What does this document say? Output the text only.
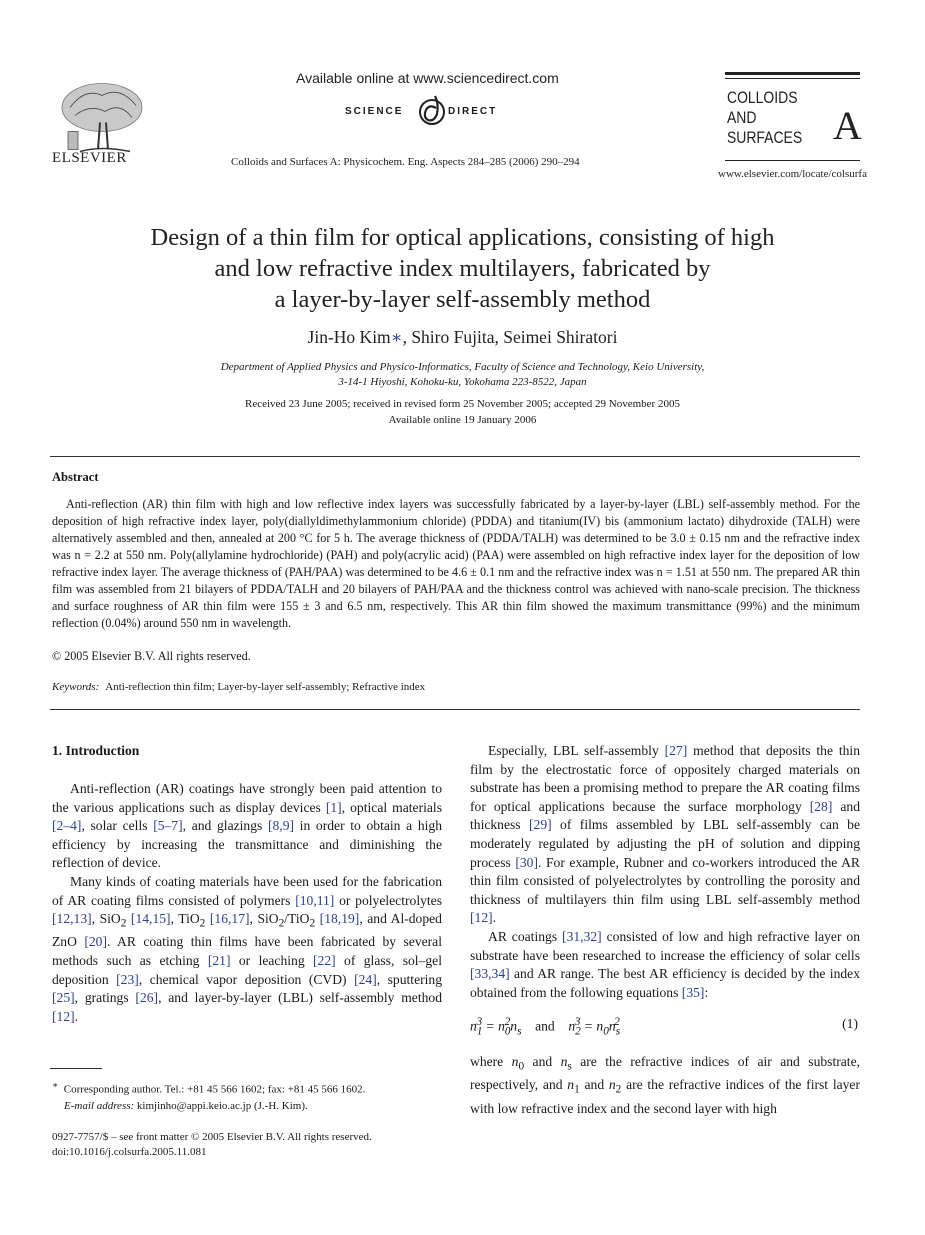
ELSEVIER
Available online at www.sciencedirect.com
SCIENCE	DIRECT
Colloids and Surfaces A: Physicochem. Eng. Aspects 284–285 (2006) 290–294
COLLOIDS
AND
SURFACES A
www.elsevier.com/locate/colsurfa
Design of a thin film for optical applications, consisting of high
and low refractive index multilayers, fabricated by
a layer-by-layer self-assembly method
Jin-Ho Kim∗, Shiro Fujita, Seimei Shiratori
Department of Applied Physics and Physico-Informatics, Faculty of Science and Technology, Keio University,
3-14-1 Hiyoshi, Kohoku-ku, Yokohama 223-8522, Japan
Received 23 June 2005; received in revised form 25 November 2005; accepted 29 November 2005
Available online 19 January 2006
Abstract

Anti-reflection (AR) thin film with high and low reflective index layers was successfully fabricated by a layer-by-layer (LBL) self-assembly method. For the deposition of high refractive index layer, poly(diallyldimethylammonium chloride) (PDDA) and titanium(IV) bis (ammonium lactato) dihydroxide (TALH) were alternatively assembled and then, annealed at 200 °C for 5 h. The average thickness of (PDDA/TALH) was determined to be 3.0 ± 0.15 nm and the refractive index was n = 2.2 at 550 nm. Poly(allylamine hydrochloride) (PAH) and poly(acrylic acid) (PAA) were assembled on high refractive index layer for the deposition of low refractive index layer. The average thickness of (PAH/PAA) was determined to be 4.6 ± 0.1 nm and the refractive index was n = 1.51 at 550 nm. The prepared AR thin film was assembled from 21 bilayers of PDDA/TALH and 20 bilayers of PAH/PAA and the thickness control was achieved with nano-scale precision. The thickness and surface roughness of AR thin film were 155 ± 3 and 6.5 nm, respectively. This AR thin film showed the maximum transmittance (99%) and the minimum reflection (0.04%) around 550 nm in wavelength.

© 2005 Elsevier B.V. All rights reserved.
Keywords: Anti-reflection thin film; Layer-by-layer self-assembly; Refractive index
1. Introduction

Anti-reflection (AR) coatings have strongly been paid attention to the various applications such as display devices [1], optical materials [2–4], solar cells [5–7], and glazings [8,9] in order to obtain a high efficiency by increasing the transmittance and diminishing the reflection of device.

Many kinds of coating materials have been used for the fabrication of AR coating films consisted of polymers [10,11] or polyelectrolytes [12,13], SiO$_2$ [14,15], TiO$_2$ [16,17], SiO$_2$/TiO$_2$ [18,19], and Al-doped ZnO [20]. AR coating thin films have been fabricated by several methods such as etching [21] or leaching [22] of glass, sol–gel deposition [23], chemical vapor deposition (CVD) [24], sputtering [25], gratings [26], and layer-by-layer (LBL) self-assembly method [12].

Especially, LBL self-assembly [27] method that deposits the thin film by the electrostatic force of oppositely charged materials on substrate has been a promising method to prepare the AR coating films for optical applications because the surface morphology [28] and thickness [29] of films assembled by LBL self-assembly can be moderately regulated by adjusting the pH of solution and dipping process [30]. For example, Rubner and co-workers introduced the AR thin film consisted of polyelectrolytes by controlling the porosity and thickness of multilayers thin film using LBL self-assembly method [12].

AR coatings [31,32] consisted of low and high refractive layer on substrate have been researched to increase the efficiency of solar cells [33,34] and AR range. The best AR efficiency is decided by the index obtained from the following equations [35]:

$n_1^3 = n_0^2n_s$ and    $n_2^3 = n_0n_s^2$	(1)

where $n_0$ and $n_s$ are the refractive indices of air and substrate, respectively, and $n_1$ and $n_2$ are the refractive indices of the first layer with low refractive index and the second layer with high

∗ Corresponding author. Tel.: +81 45 566 1602; fax: +81 45 566 1602.
E-mail address: kimjinho@appi.keio.ac.jp (J.-H. Kim).
0927-7757/$ – see front matter © 2005 Elsevier B.V. All rights reserved.
doi:10.1016/j.colsurfa.2005.11.081
